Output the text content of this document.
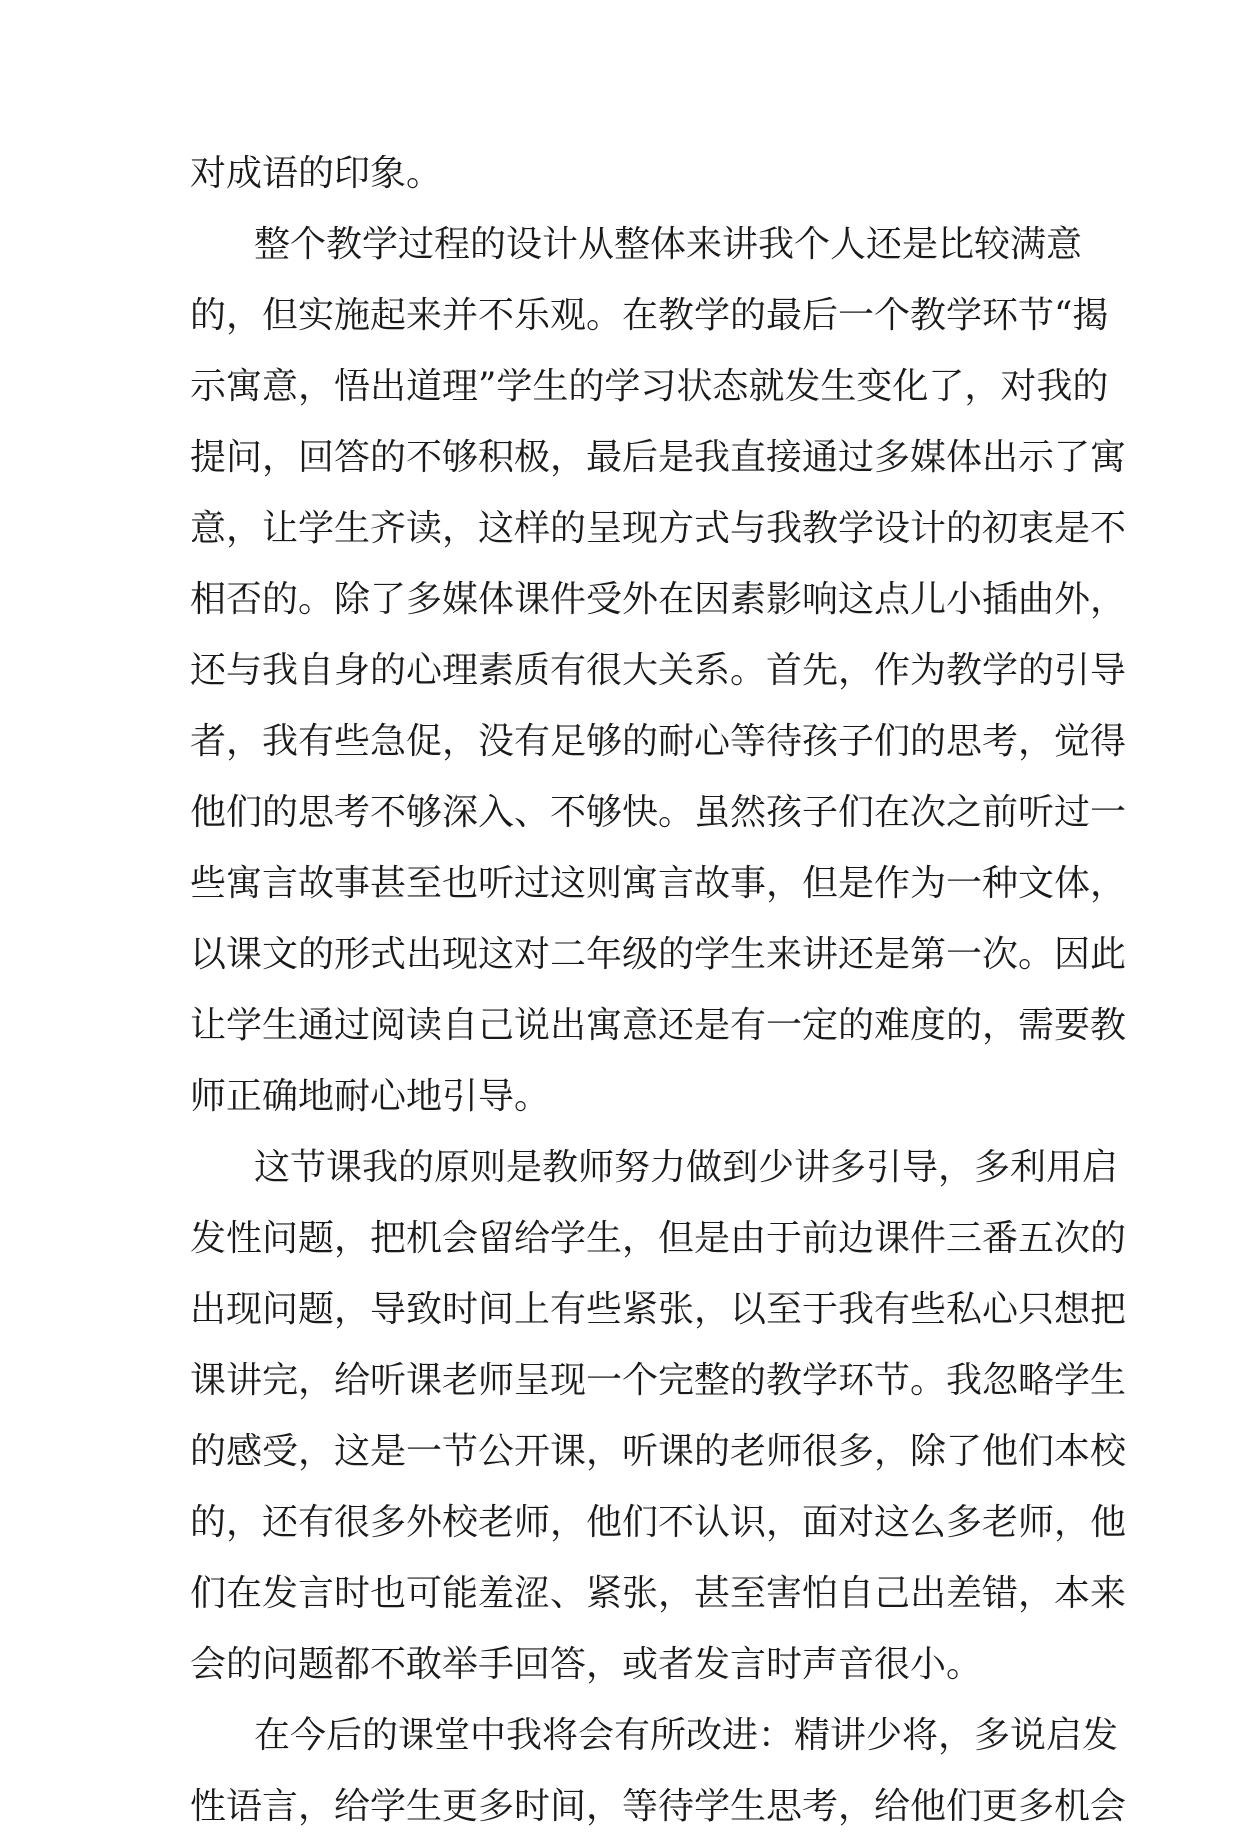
对成语的印象。
整个教学过程的设计从整体来讲我个人还是比较满意
的，但实施起来并不乐观。在教学的最后一个教学环节“揭
示寓意，悟出道理”学生的学习状态就发生变化了，对我的
提问，回答的不够积极，最后是我直接通过多媒体出示了寓
意，让学生齐读，这样的呈现方式与我教学设计的初衷是不
相否的。除了多媒体课件受外在因素影响这点儿小插曲外，
还与我自身的心理素质有很大关系。首先，作为教学的引导
者，我有些急促，没有足够的耐心等待孩子们的思考，觉得
他们的思考不够深入、不够快。虽然孩子们在次之前听过一
些寓言故事甚至也听过这则寓言故事，但是作为一种文体，
以课文的形式出现这对二年级的学生来讲还是第一次。因此
让学生通过阅读自己说出寓意还是有一定的难度的，需要教
师正确地耐心地引导。
这节课我的原则是教师努力做到少讲多引导，多利用启
发性问题，把机会留给学生，但是由于前边课件三番五次的
出现问题，导致时间上有些紧张，以至于我有些私心只想把
课讲完，给听课老师呈现一个完整的教学环节。我忽略学生
的感受，这是一节公开课，听课的老师很多，除了他们本校
的，还有很多外校老师，他们不认识，面对这么多老师，他
们在发言时也可能羞涩、紧张，甚至害怕自己出差错，本来
会的问题都不敢举手回答，或者发言时声音很小。
在今后的课堂中我将会有所改进：精讲少将，多说启发
性语言，给学生更多时间，等待学生思考，给他们更多机会
